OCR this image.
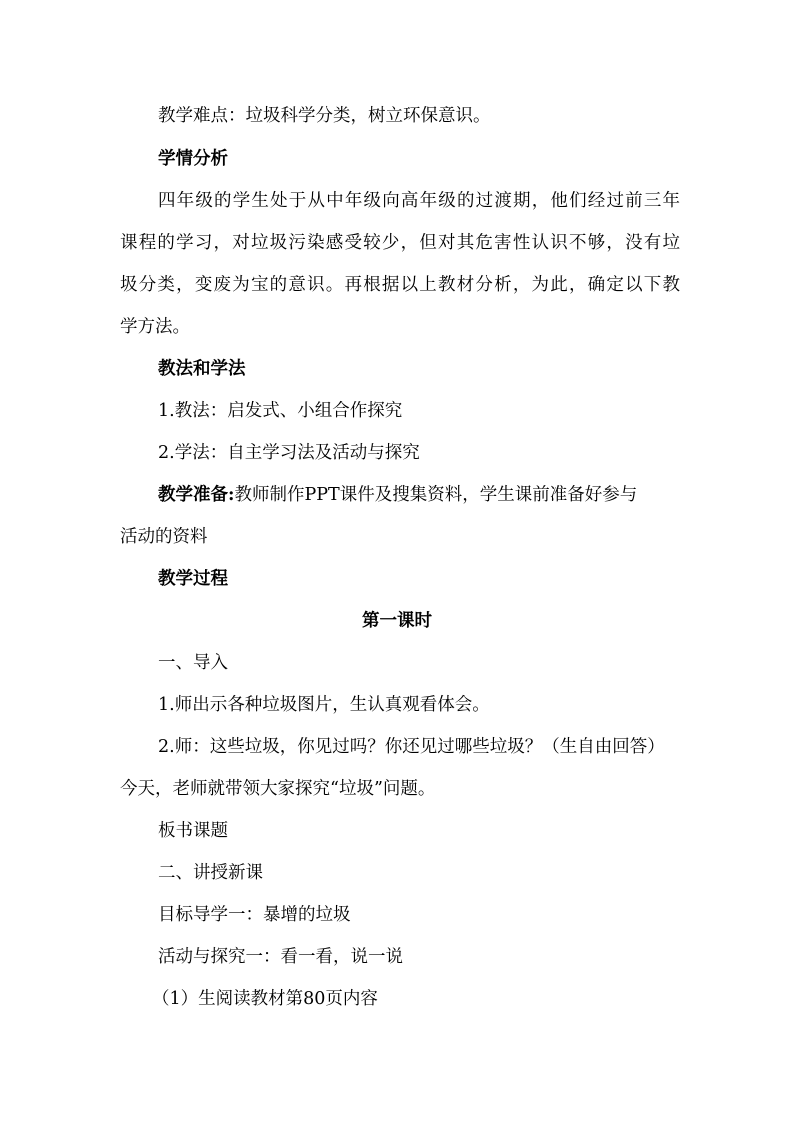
教学难点：垃圾科学分类，树立环保意识。
学情分析
四年级的学生处于从中年级向高年级的过渡期，他们经过前三年
课程的学习，对垃圾污染感受较少，但对其危害性认识不够，没有垃
圾分类，变废为宝的意识。再根据以上教材分析，为此，确定以下教
学方法。
教法和学法
1.教法：启发式、小组合作探究
2.学法：自主学习法及活动与探究
教学准备:教师制作PPT课件及搜集资料，学生课前准备好参与
活动的资料
教学过程
第一课时
一、导入
1.师出示各种垃圾图片，生认真观看体会。
2.师：这些垃圾，你见过吗？你还见过哪些垃圾？（生自由回答）
今天，老师就带领大家探究“垃圾”问题。
板书课题
二、讲授新课
目标导学一：暴增的垃圾
活动与探究一：看一看，说一说
（1）生阅读教材第80页内容
